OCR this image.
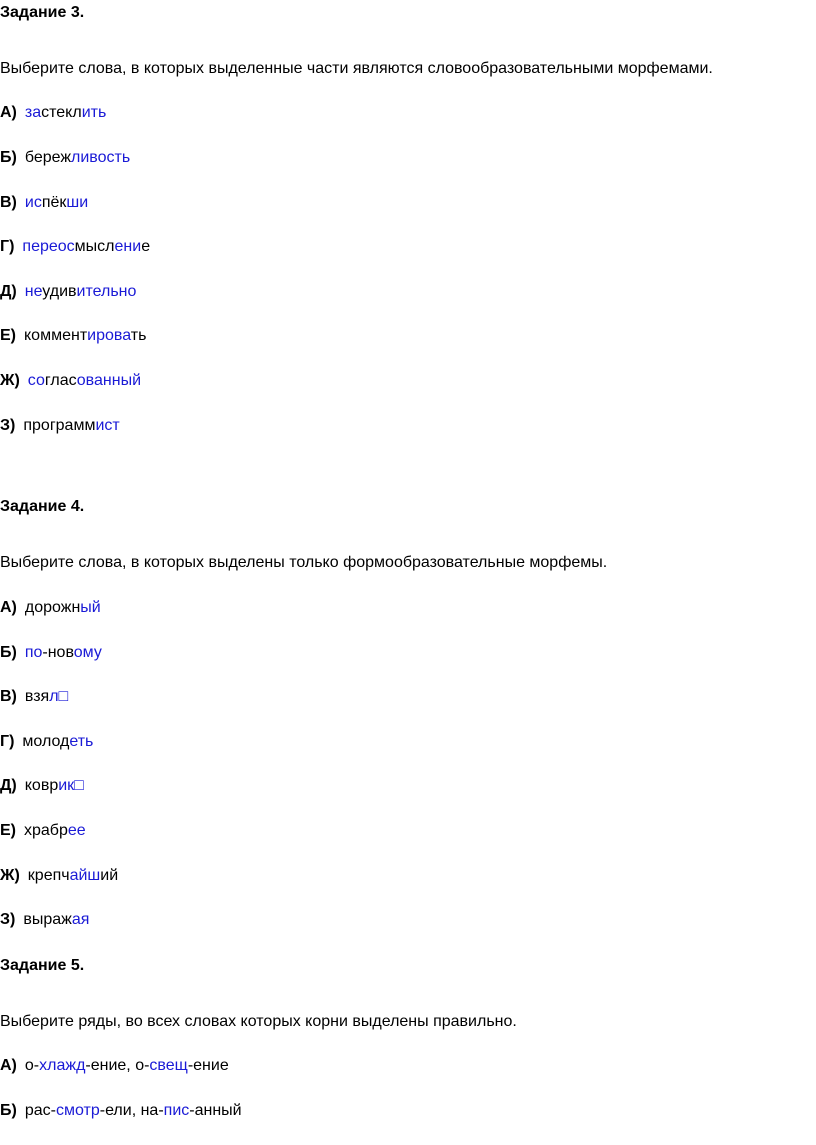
Задание 3.
Выберите слова, в которых выделенные части являются словообразовательными морфемами.
А) застеклить
Б) бережливость
В) испёкши
Г) переосмысление
Д) неудивительно
Е) комментировать
Ж) согласованный
З) программист
Задание 4.
Выберите слова, в которых выделены только формообразовательные морфемы.
А) дорожный
Б) по-новому
В) взял□
Г) молодеть
Д) коврик□
Е) храбрее
Ж) крепчайший
З) выражая
Задание 5.
Выберите ряды, во всех словах которых корни выделены правильно.
А) о-хлажд-ение, о-свещ-ение
Б) рас-смотр-ели, на-пис-анный
